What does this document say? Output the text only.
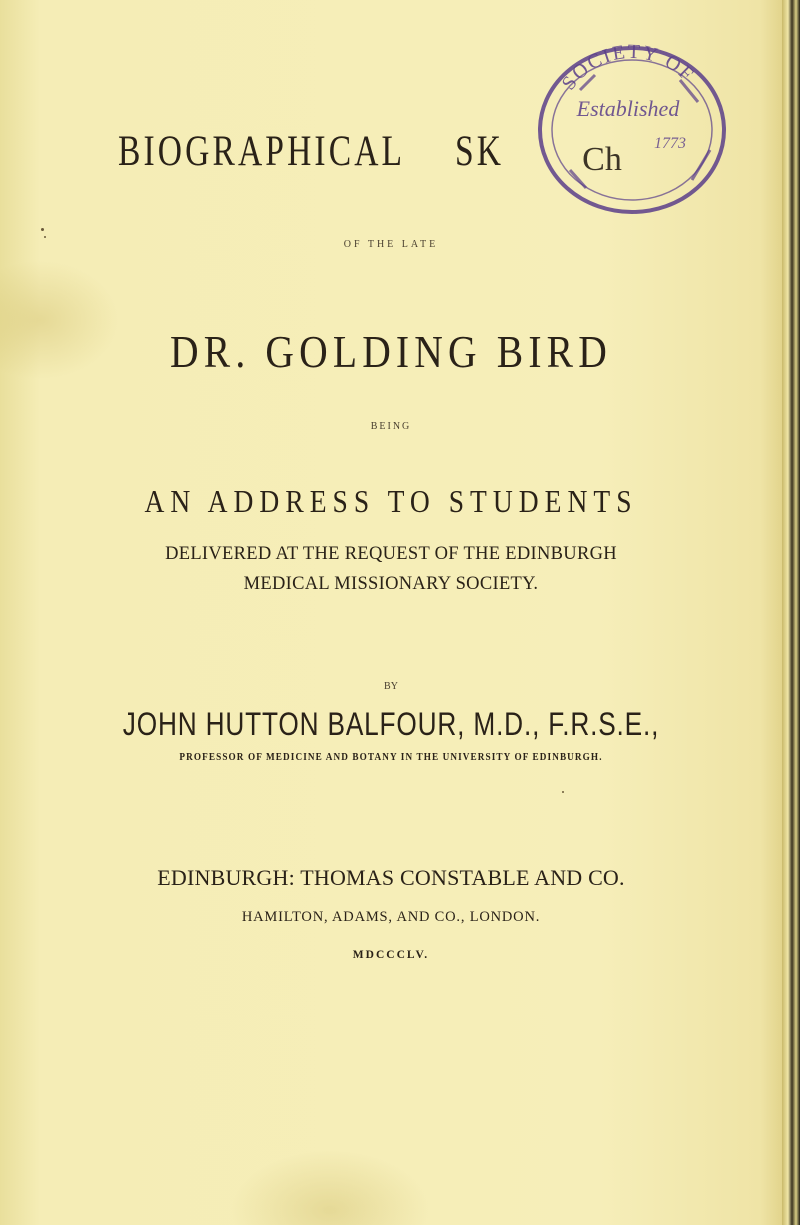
BIOGRAPHICAL SK
SOCIETY OF
Established
1773
Ch
OF THE LATE
DR. GOLDING BIRD
BEING
AN ADDRESS TO STUDENTS
DELIVERED AT THE REQUEST OF THE EDINBURGH
MEDICAL MISSIONARY SOCIETY.
BY
JOHN HUTTON BALFOUR, M.D., F.R.S.E.,
PROFESSOR OF MEDICINE AND BOTANY IN THE UNIVERSITY OF EDINBURGH.
EDINBURGH: THOMAS CONSTABLE AND CO.
HAMILTON, ADAMS, AND CO., LONDON.
MDCCCLV.
